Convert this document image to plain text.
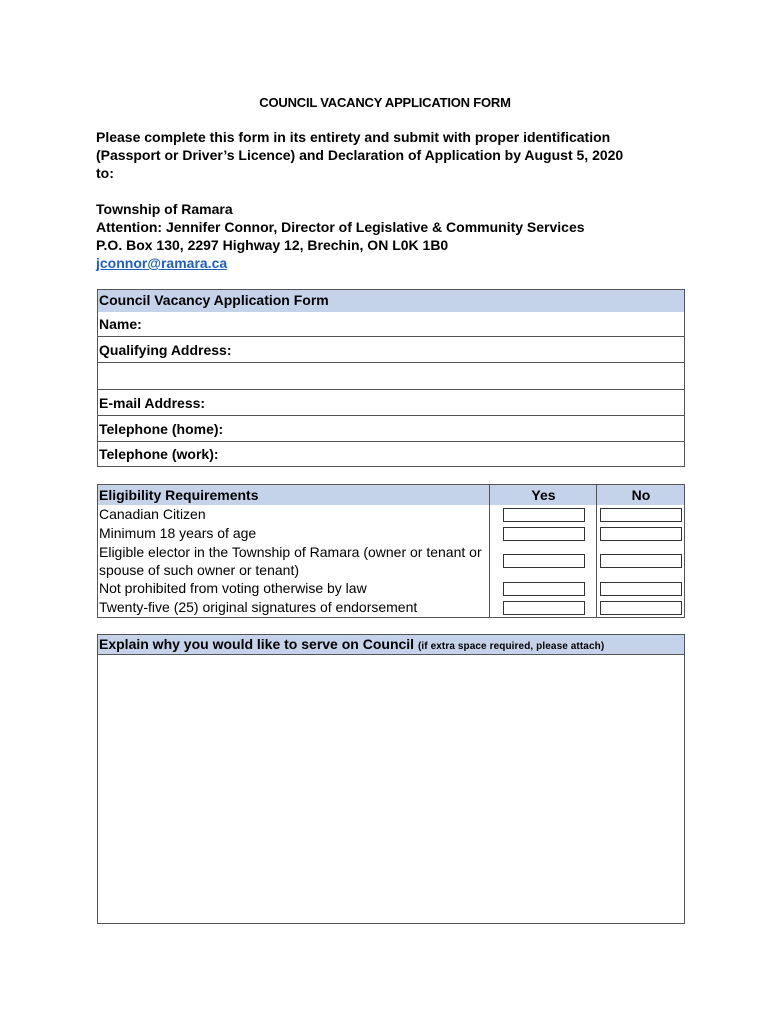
COUNCIL VACANCY APPLICATION FORM
Please complete this form in its entirety and submit with proper identification
(Passport or Driver’s Licence) and Declaration of Application by August 5, 2020
to:
Township of Ramara
Attention: Jennifer Connor, Director of Legislative & Community Services
P.O. Box 130, 2297 Highway 12, Brechin, ON L0K 1B0
jconnor@ramara.ca
Council Vacancy Application Form
Name:
Qualifying Address:
E-mail Address:
Telephone (home):
Telephone (work):
Eligibility Requirements	Yes	No
Canadian Citizen
Minimum 18 years of age
Eligible elector in the Township of Ramara (owner or tenant or spouse of such owner or tenant)
Not prohibited from voting otherwise by law
Twenty-five (25) original signatures of endorsement
Explain why you would like to serve on Council (if extra space required, please attach)
